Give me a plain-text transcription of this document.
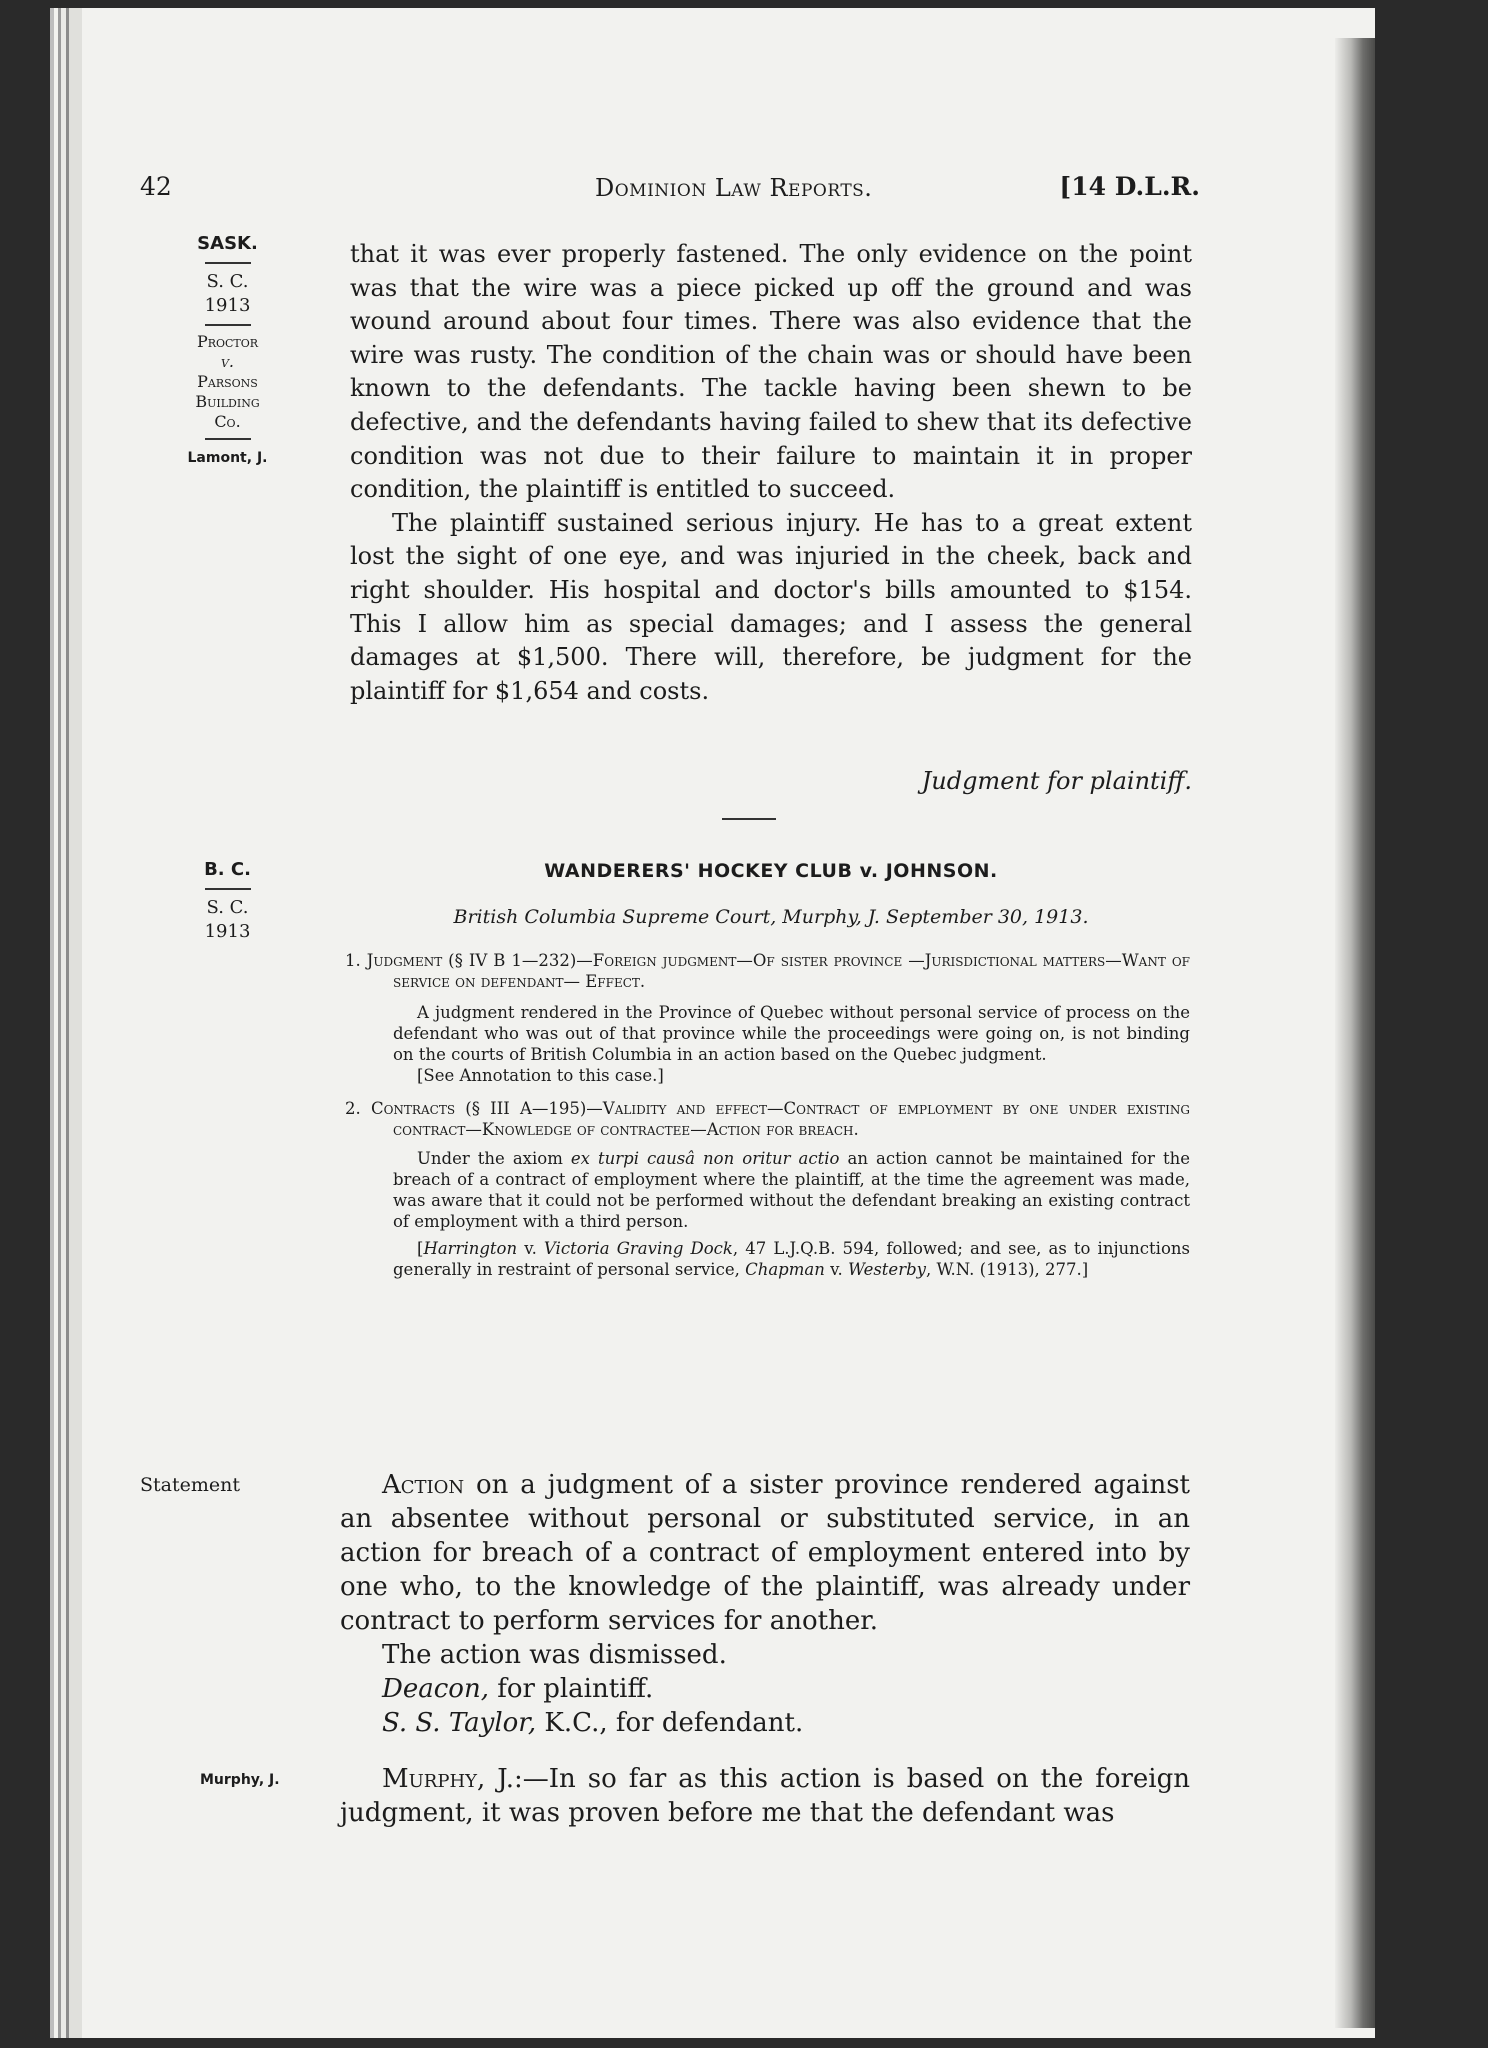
42	Dominion Law Reports.	[14 D.L.R.

SASK.

S. C.

1913

Proctor

v.

Parsons

Building

Co.

Lamont, J.

that it was ever properly fastened. The only evidence on the point was that the wire was a piece picked up off the ground and was wound around about four times. There was also evidence that the wire was rusty. The condition of the chain was or should have been known to the defendants. The tackle having been shewn to be defective, and the defendants having failed to shew that its defective condition was not due to their failure to maintain it in proper condition, the plaintiff is entitled to succeed.

The plaintiff sustained serious injury. He has to a great extent lost the sight of one eye, and was injuried in the cheek, back and right shoulder. His hospital and doctor's bills amounted to $154. This I allow him as special damages; and I assess the general damages at $1,500. There will, therefore, be judgment for the plaintiff for $1,654 and costs.

Judgment for plaintiff.

B. C.

S. C.

1913

WANDERERS' HOCKEY CLUB v. JOHNSON.
British Columbia Supreme Court, Murphy, J. September 30, 1913.

1. Judgment (§ IV B 1—232)—Foreign judgment—Of sister province —Jurisdictional matters—Want of service on defendant— Effect.

A judgment rendered in the Province of Quebec without personal service of process on the defendant who was out of that province while the proceedings were going on, is not binding on the courts of British Columbia in an action based on the Quebec judgment.

[See Annotation to this case.]

2. Contracts (§ III A—195)—Validity and effect—Contract of employment by one under existing contract—Knowledge of contractee—Action for breach.

Under the axiom ex turpi causâ non oritur actio an action cannot be maintained for the breach of a contract of employment where the plaintiff, at the time the agreement was made, was aware that it could not be performed without the defendant breaking an existing contract of employment with a third person.

[Harrington v. Victoria Graving Dock, 47 L.J.Q.B. 594, followed; and see, as to injunctions generally in restraint of personal service, Chapman v. Westerby, W.N. (1913), 277.]

Statement	Action on a judgment of a sister province rendered against an absentee without personal or substituted service, in an action for breach of a contract of employment entered into by one who, to the knowledge of the plaintiff, was already under contract to perform services for another.

The action was dismissed.

Deacon, for plaintiff.

S. S. Taylor, K.C., for defendant.

Murphy, J.	Murphy, J.:—In so far as this action is based on the foreign judgment, it was proven before me that the defendant was
